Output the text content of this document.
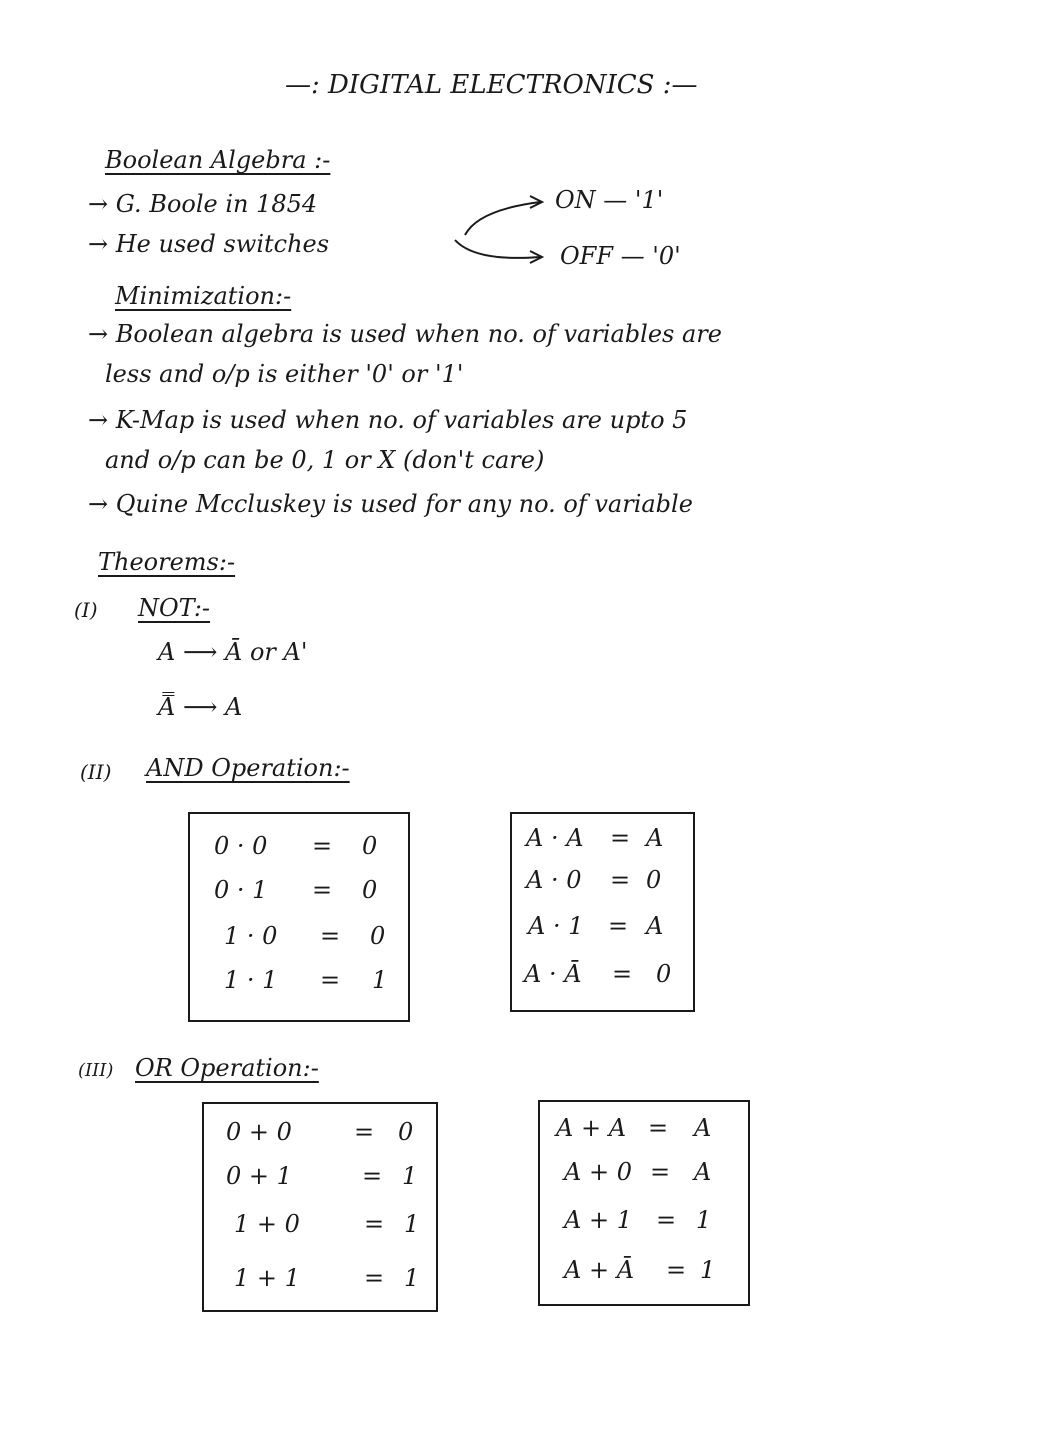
—: DIGITAL ELECTRONICS :—
Boolean Algebra :-
→ G. Boole in 1854
→ He used switches
ON — '1'
OFF — '0'
Minimization:-
→ Boolean algebra is used when no. of variables are
less and o/p is either '0' or '1'
→ K-Map is used when no. of variables are upto 5
and o/p can be 0, 1 or X (don't care)
→ Quine Mccluskey is used for any no. of variable
Theorems:-
(I) NOT:-
A ⟶ Ā or A'
A̿ ⟶ A
(II) AND Operation:-
0 · 0 = 0
0 · 1 = 0
1 · 0 = 0
1 · 1 = 1
A · A = A
A · 0 = 0
A · 1 = A
A · Ā = 0
(III) OR Operation:-
0 + 0	= 0
0 + 1	= 1
1 + 0	= 1
1 + 1	= 1
A + A = A
A + 0 = A
A + 1 = 1
A + Ā = 1
